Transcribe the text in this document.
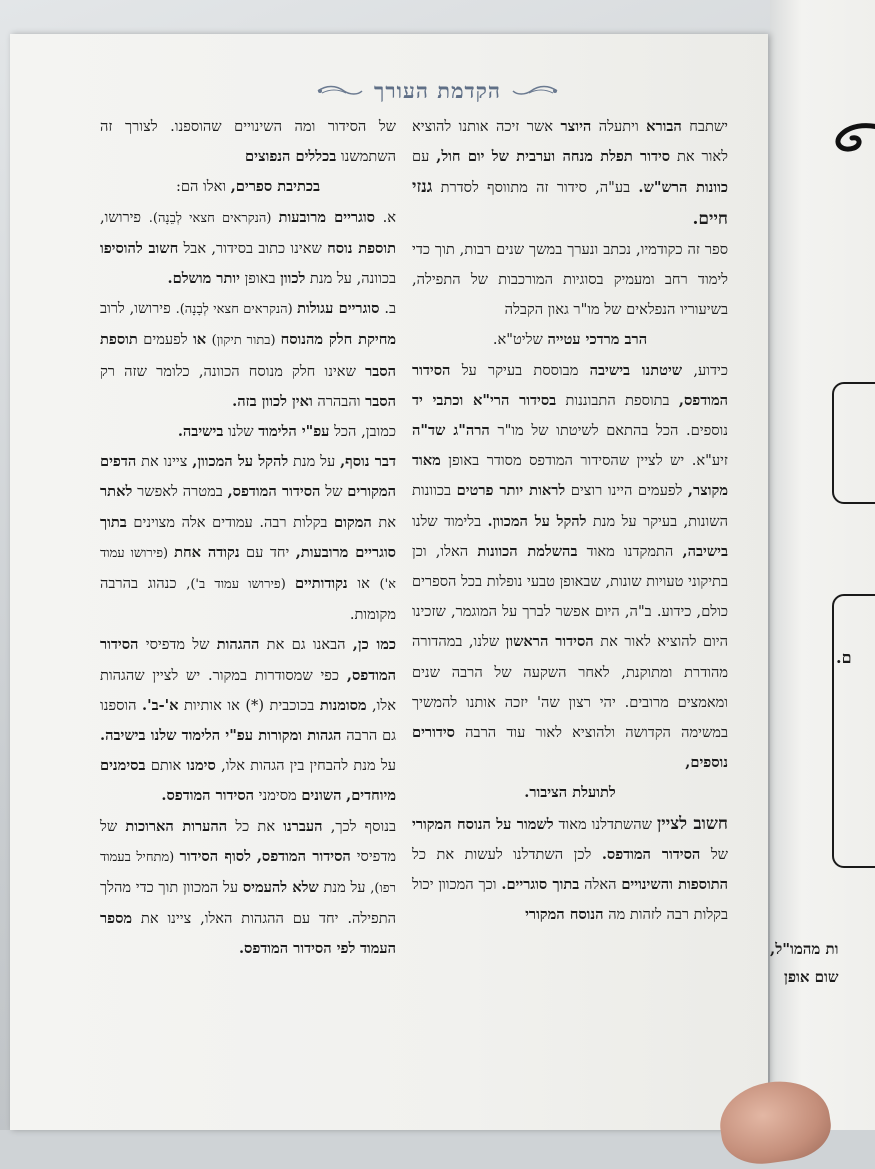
ם.
ות מהמו"ל,
שום אופן
הקדמת העורך

ישתבח הבורא ויתעלה היוצר אשר זיכה אותנו להוציא לאור את סידור תפלת מנחה וערבית של יום חול, עם כוונות הרש"ש. בע"ה, סידור זה מתווסף לסדרת גנזי חיים.

ספר זה כקודמיו, נכתב ונערך במשך שנים רבות, תוך כדי לימוד רחב ומעמיק בסוגיות המורכבות של התפילה, בשיעוריו הנפלאים של מו"ר גאון הקבלה

הרב מרדכי עטייה שליט"א.

כידוע, שיטתנו בישיבה מבוססת בעיקר על הסידור המודפס, בתוספת התבוננות בסידור הרי"א וכתבי יד נוספים. הכל בהתאם לשיטתו של מו"ר הרה"ג שד"ה זיע"א. יש לציין שהסידור המודפס מסודר באופן מאוד מקוצר, לפעמים היינו רוצים לראות יותר פרטים בכוונות השונות, בעיקר על מנת להקל על המכוון. בלימוד שלנו בישיבה, התמקדנו מאוד בהשלמת הכוונות האלו, וכן בתיקוני טעויות שונות, שבאופן טבעי נופלות בכל הספרים כולם, כידוע. ב"ה, היום אפשר לברך על המוגמר, שזכינו היום להוציא לאור את הסידור הראשון שלנו, במהדורה מהודרת ומתוקנת, לאחר השקעה של הרבה שנים ומאמצים מרובים. יהי רצון שה' יזכה אותנו להמשיך במשימה הקדושה ולהוציא לאור עוד הרבה סידורים נוספים,

לתועלת הציבור.

חשוב לציין שהשתדלנו מאוד לשמור על הנוסח המקורי של הסידור המודפס. לכן השתדלנו לעשות את כל התוספות והשינויים האלה בתוך סוגריים. וכך המכוון יכול בקלות רבה לזהות מה הנוסח המקורי

של הסידור ומה השינויים שהוספנו. לצורך זה השתמשנו בכללים הנפוצים

בכתיבת ספרים, ואלו הם:

א. סוגריים מרובעות (הנקראים חצאי לְבֵנָה). פירושו, תוספת נוסח שאינו כתוב בסידור, אבל חשוב להוסיפו בכוונה, על מנת לכוון באופן יותר מושלם.

ב. סוגריים עגולות (הנקראים חצאי לְבָנָה). פירושו, לרוב מחיקת חלק מהנוסח (בתור תיקון) או לפעמים תוספת הסבר שאינו חלק מנוסח הכוונה, כלומר שזה רק הסבר והבהרה ואין לכוון בזה.

כמובן, הכל עפ"י הלימוד שלנו בישיבה.

דבר נוסף, על מנת להקל על המכוון, ציינו את הדפים המקורים של הסידור המודפס, במטרה לאפשר לאתר את המקום בקלות רבה. עמודים אלה מצוינים בתוך סוגריים מרובעות, יחד עם נקודה אחת (פירושו עמוד א') או נקודותיים (פירושו עמוד ב'), כנהוג בהרבה מקומות.

כמו כן, הבאנו גם את ההגהות של מדפיסי הסידור המודפס, כפי שמסודרות במקור. יש לציין שהגהות אלו, מסומנות בכוכבית (*) או אותיות א'-ב'. הוספנו גם הרבה הגהות ומקורות עפ"י הלימוד שלנו בישיבה. על מנת להבחין בין הגהות אלו, סימנו אותם בסימנים מיוחדים, השונים מסימני הסידור המודפס.

בנוסף לכך, העברנו את כל ההערות הארוכות של מדפיסי הסידור המודפס, לסוף הסידור (מתחיל בעמוד רפו), על מנת שלא להעמיס על המכוון תוך כדי מהלך התפילה. יחד עם ההגהות האלו, ציינו את מספר העמוד לפי הסידור המודפס.
